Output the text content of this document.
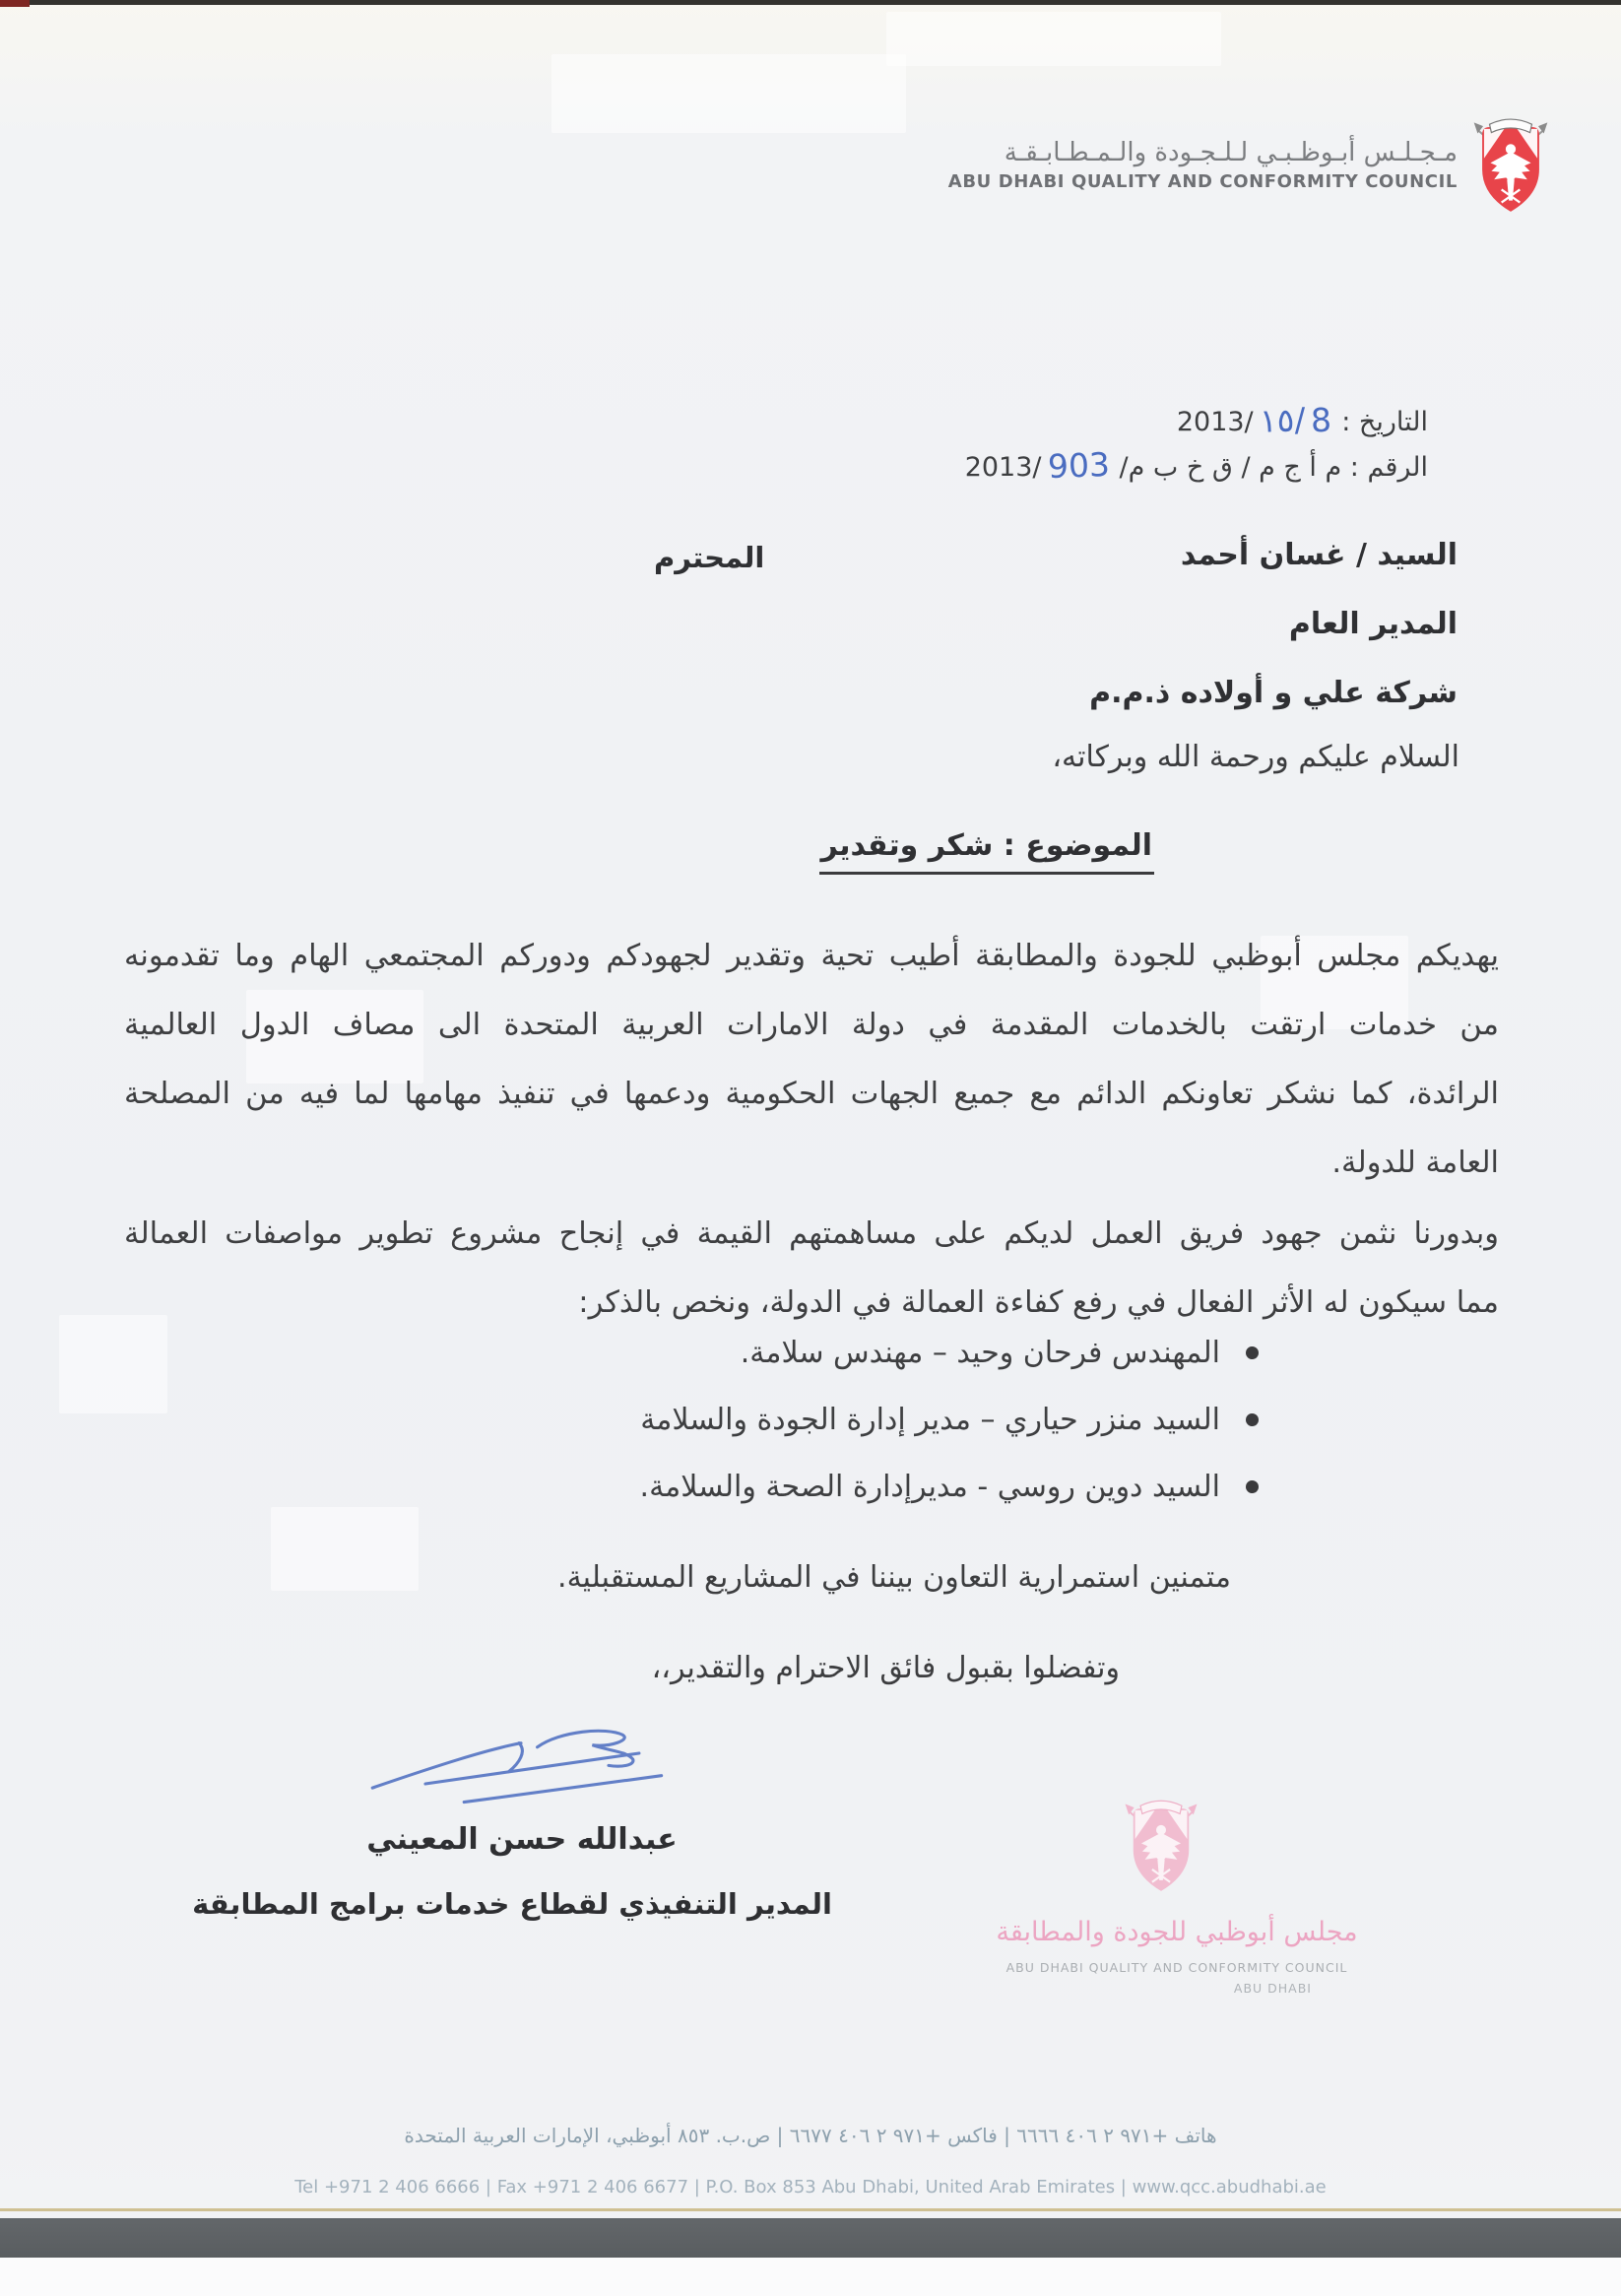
مـجـلـس أبـوظـبـي لـلـجـودة والـمـطـابـقـة
ABU DHABI QUALITY AND CONFORMITY COUNCIL
التاريخ :
2013/ ١٥/ 8
الرقم : م أ ج م / ق خ ب م/
2013/ 903
السيد / غسان أحمد
المحترم
المدير العام
شركة علي و أولاده ذ.م.م
السلام عليكم ورحمة الله وبركاته،
الموضوع : شكر وتقدير
يهديكم مجلس أبوظبي للجودة والمطابقة أطيب تحية وتقدير لجهودكم ودوركم المجتمعي الهام وما تقدمونه
من خدمات ارتقت بالخدمات المقدمة في دولة الامارات العربية المتحدة الى مصاف الدول العالمية
الرائدة، كما نشكر تعاونكم الدائم مع جميع الجهات الحكومية ودعمها في تنفيذ مهامها لما فيه من المصلحة
العامة للدولة.
وبدورنا نثمن جهود فريق العمل لديكم على مساهمتهم القيمة في إنجاح مشروع تطوير مواصفات العمالة
مما سيكون له الأثر الفعال في رفع كفاءة العمالة في الدولة، ونخص بالذكر:
المهندس فرحان وحيد – مهندس سلامة.
السيد منزر حياري – مدير إدارة الجودة والسلامة
السيد دوين روسي - مديرإدارة الصحة والسلامة.
متمنين استمرارية التعاون بيننا في المشاريع المستقبلية.
وتفضلوا بقبول فائق الاحترام والتقدير،،
عبدالله حسن المعيني
المدير التنفيذي لقطاع خدمات برامج المطابقة
مجلس أبوظبي للجودة والمطابقة
ABU DHABI QUALITY AND CONFORMITY COUNCIL
ABU DHABI
هاتف +٩٧١ ٢ ٤٠٦ ٦٦٦٦ | فاكس +٩٧١ ٢ ٤٠٦ ٦٦٧٧ | ص.ب. ٨٥٣ أبوظبي، الإمارات العربية المتحدة
Tel +971 2 406 6666 | Fax +971 2 406 6677 | P.O. Box 853 Abu Dhabi, United Arab Emirates | www.qcc.abudhabi.ae
